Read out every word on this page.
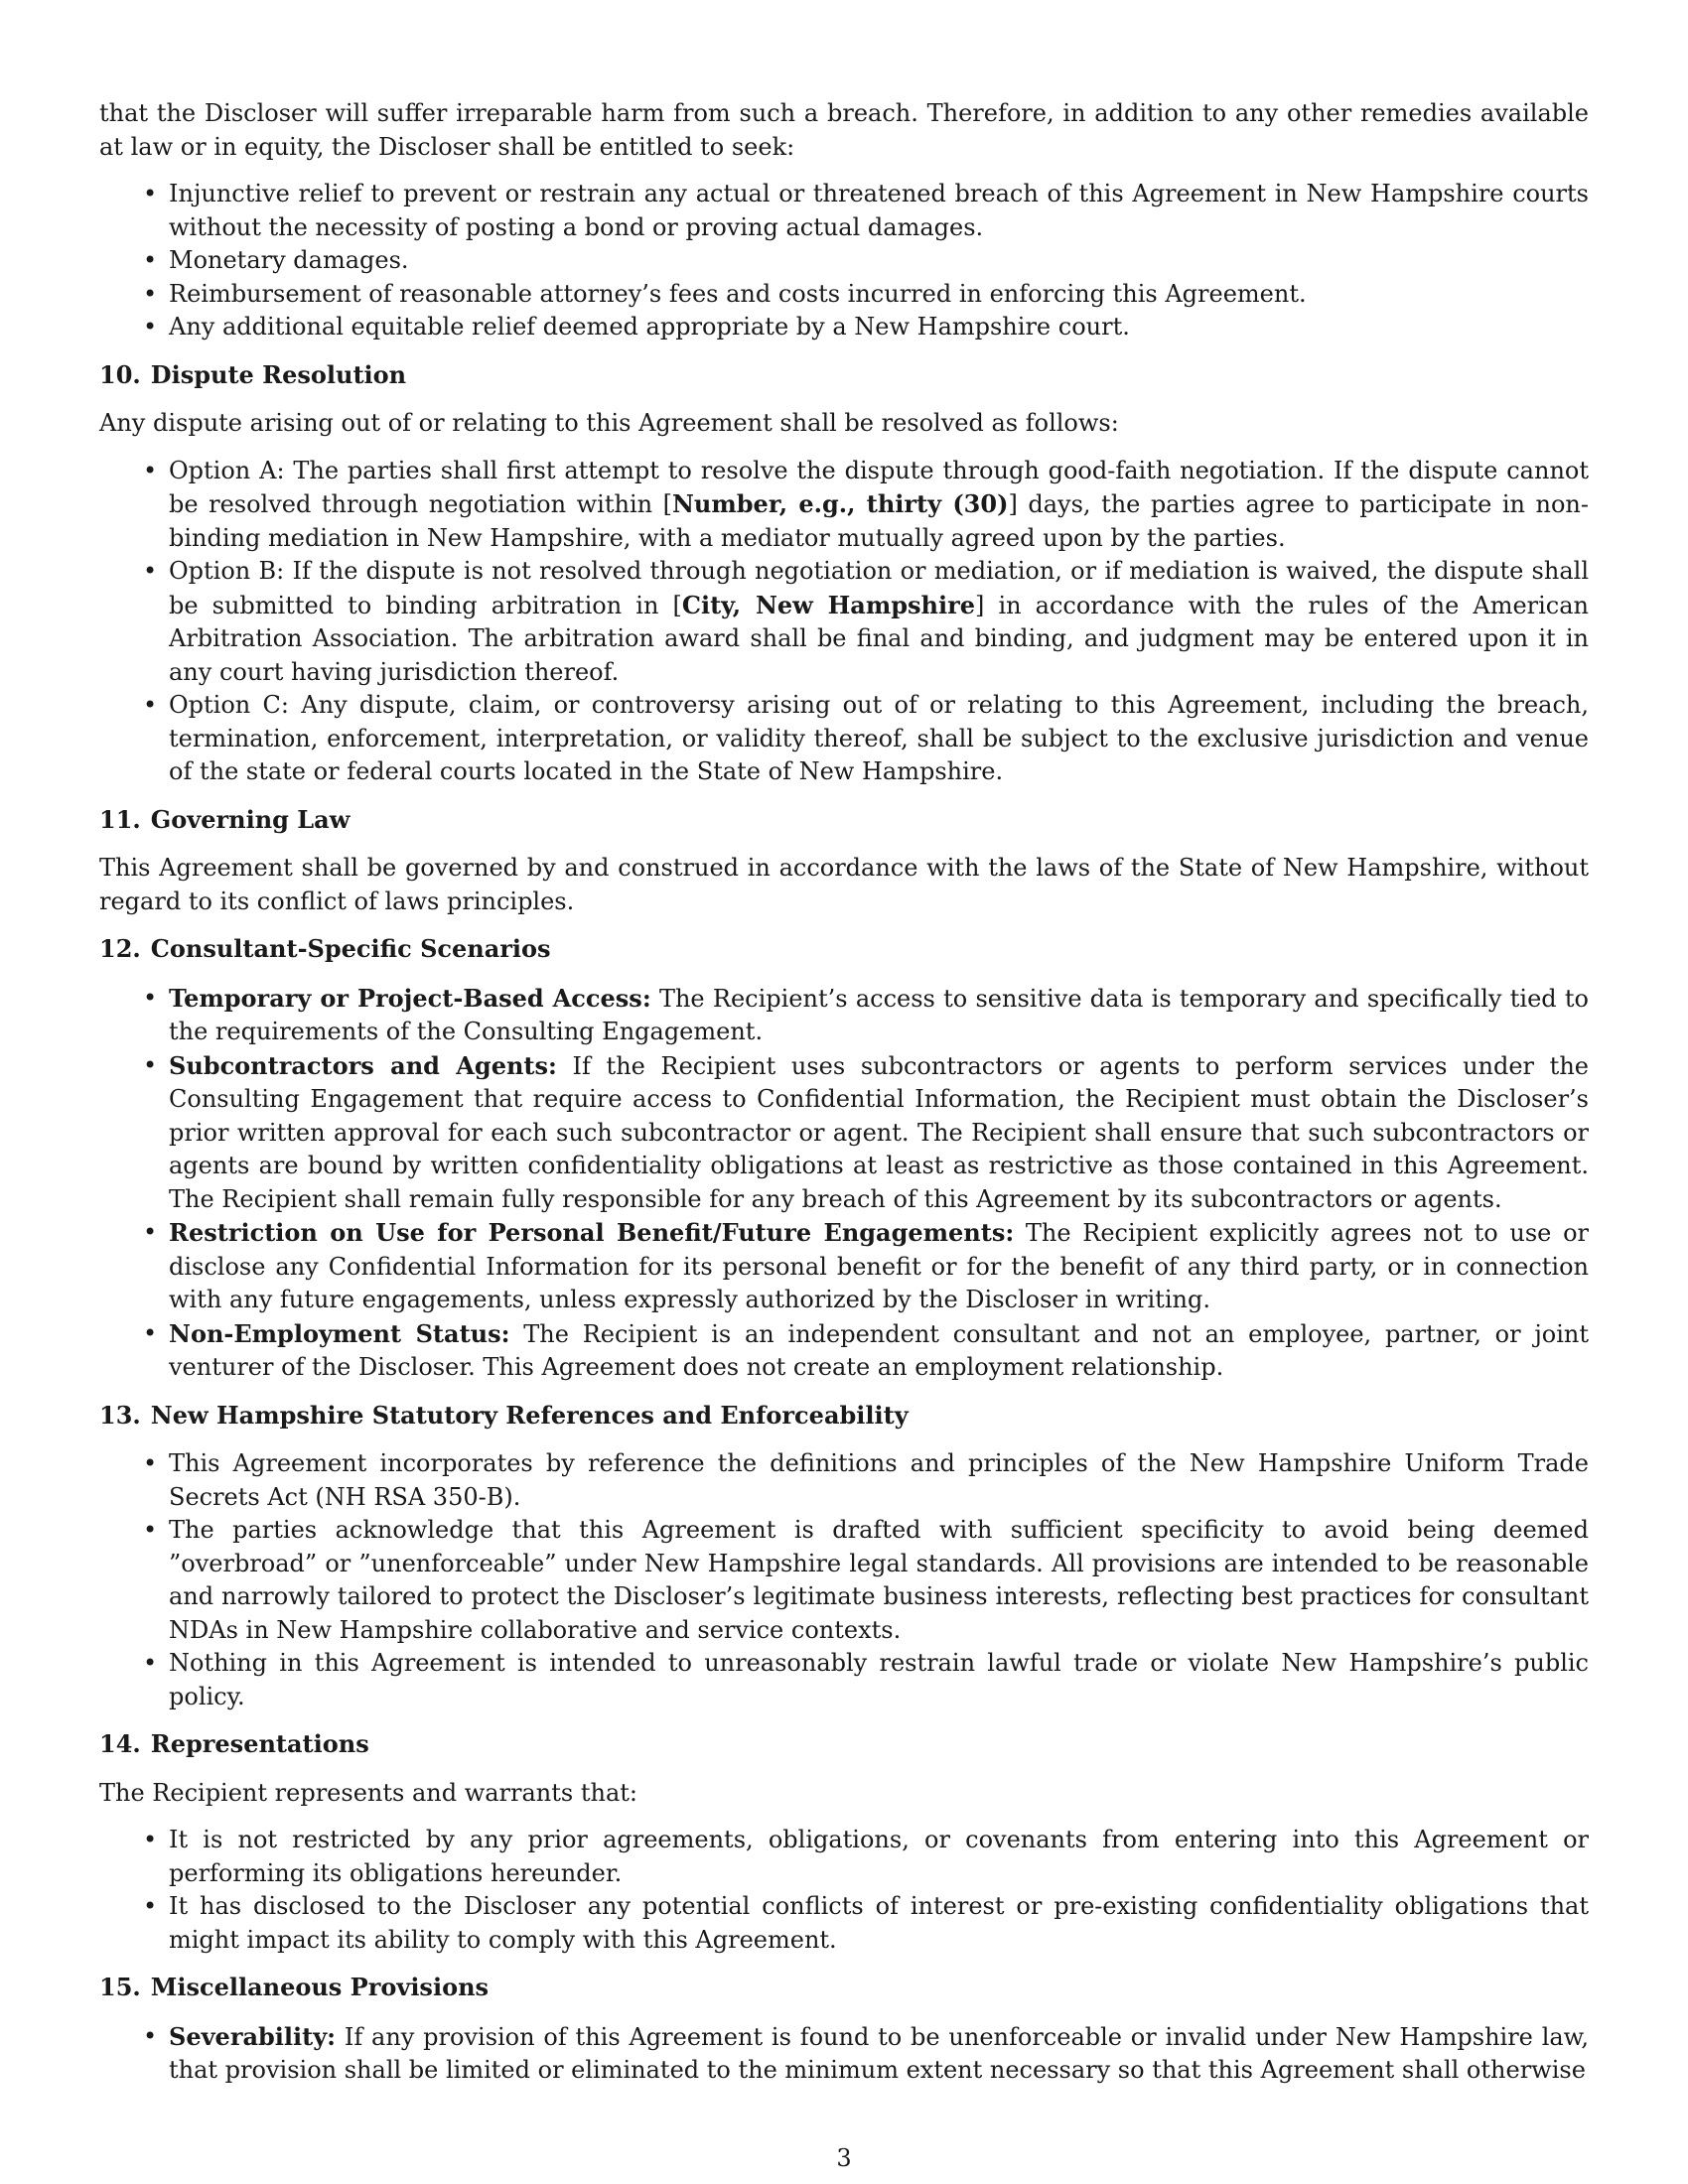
that the Discloser will suffer irreparable harm from such a breach. Therefore, in addition to any other remedies available at law or in equity, the Discloser shall be entitled to seek:

• Injunctive relief to prevent or restrain any actual or threatened breach of this Agreement in New Hampshire courts without the necessity of posting a bond or proving actual damages.
• Monetary damages.
• Reimbursement of reasonable attorney’s fees and costs incurred in enforcing this Agreement.
• Any additional equitable relief deemed appropriate by a New Hampshire court.
10. Dispute Resolution

Any dispute arising out of or relating to this Agreement shall be resolved as follows:

• Option A: The parties shall first attempt to resolve the dispute through good-faith negotiation. If the dispute cannot be resolved through negotiation within [Number, e.g., thirty (30)] days, the parties agree to participate in non-binding mediation in New Hampshire, with a mediator mutually agreed upon by the parties.
• Option B: If the dispute is not resolved through negotiation or mediation, or if mediation is waived, the dispute shall be submitted to binding arbitration in [City, New Hampshire] in accordance with the rules of the American Arbitration Association. The arbitration award shall be final and binding, and judgment may be entered upon it in any court having jurisdiction thereof.
• Option C: Any dispute, claim, or controversy arising out of or relating to this Agreement, including the breach, termination, enforcement, interpretation, or validity thereof, shall be subject to the exclusive jurisdiction and venue of the state or federal courts located in the State of New Hampshire.
11. Governing Law

This Agreement shall be governed by and construed in accordance with the laws of the State of New Hampshire, without regard to its conflict of laws principles.

12. Consultant-Specific Scenarios
• Temporary or Project-Based Access: The Recipient’s access to sensitive data is temporary and specifically tied to the requirements of the Consulting Engagement.
• Subcontractors and Agents: If the Recipient uses subcontractors or agents to perform services under the Consulting Engagement that require access to Confidential Information, the Recipient must obtain the Discloser’s prior written approval for each such subcontractor or agent. The Recipient shall ensure that such subcontractors or agents are bound by written confidentiality obligations at least as restrictive as those contained in this Agreement. The Recipient shall remain fully responsible for any breach of this Agreement by its subcontractors or agents.
• Restriction on Use for Personal Benefit/Future Engagements: The Recipient explicitly agrees not to use or disclose any Confidential Information for its personal benefit or for the benefit of any third party, or in connection with any future engagements, unless expressly authorized by the Discloser in writing.
• Non-Employment Status: The Recipient is an independent consultant and not an employee, partner, or joint venturer of the Discloser. This Agreement does not create an employment relationship.
13. New Hampshire Statutory References and Enforceability
• This Agreement incorporates by reference the definitions and principles of the New Hampshire Uniform Trade Secrets Act (NH RSA 350-B).
• The parties acknowledge that this Agreement is drafted with sufficient specificity to avoid being deemed ”overbroad” or ”unenforceable” under New Hampshire legal standards. All provisions are intended to be reasonable and narrowly tailored to protect the Discloser’s legitimate business interests, reflecting best practices for consultant NDAs in New Hampshire collaborative and service contexts.
• Nothing in this Agreement is intended to unreasonably restrain lawful trade or violate New Hampshire’s public policy.
14. Representations

The Recipient represents and warrants that:

• It is not restricted by any prior agreements, obligations, or covenants from entering into this Agreement or performing its obligations hereunder.
• It has disclosed to the Discloser any potential conflicts of interest or pre-existing confidentiality obligations that might impact its ability to comply with this Agreement.
15. Miscellaneous Provisions
• Severability: If any provision of this Agreement is found to be unenforceable or invalid under New Hampshire law, that provision shall be limited or eliminated to the minimum extent necessary so that this Agreement shall otherwise
3
